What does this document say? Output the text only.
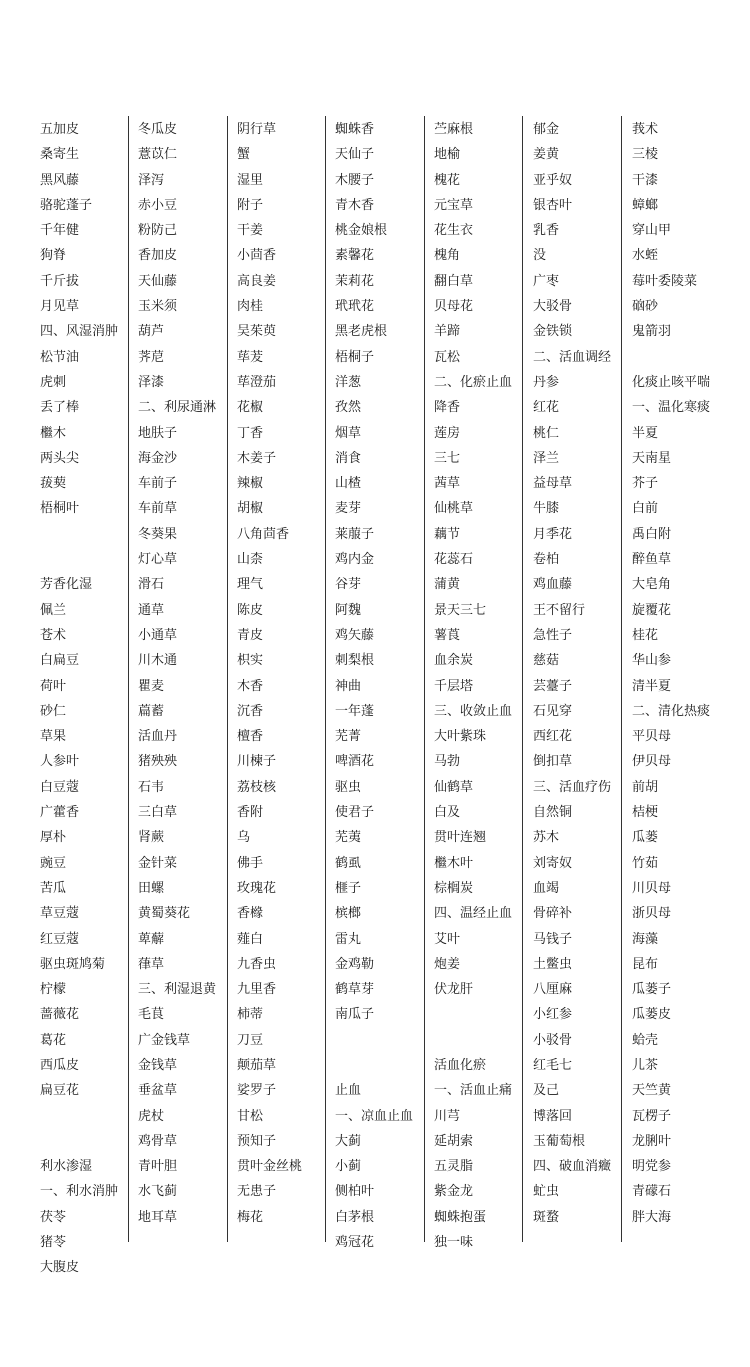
五加皮
桑寄生
黑风藤
骆驼蓬子
千年健
狗脊
千斤拔
月见草
四、风湿消肿
松节油
虎刺
丢了棒
檵木
两头尖
菝葜
梧桐叶
芳香化湿
佩兰
苍术
白扁豆
荷叶
砂仁
草果
人参叶
白豆蔻
广藿香
厚朴
豌豆
苦瓜
草豆蔻
红豆蔻
驱虫斑鸠菊
柠檬
蔷薇花
葛花
西瓜皮
扁豆花
利水渗湿
一、利水消肿
茯苓
猪苓
大腹皮
冬瓜皮
薏苡仁
泽泻
赤小豆
粉防己
香加皮
天仙藤
玉米须
葫芦
荠苨
泽漆
二、利尿通淋
地肤子
海金沙
车前子
车前草
冬葵果
灯心草
滑石
通草
小通草
川木通
瞿麦
萹蓄
活血丹
猪殃殃
石韦
三白草
肾蕨
金针菜
田螺
黄蜀葵花
萆薢
葎草
三、利湿退黄
毛茛
广金钱草
金钱草
垂盆草
虎杖
鸡骨草
青叶胆
水飞蓟
地耳草
阴行草
蟹
湿里
附子
干姜
小茴香
高良姜
肉桂
吴茱萸
荜茇
荜澄茄
花椒
丁香
木姜子
辣椒
胡椒
八角茴香
山柰
理气
陈皮
青皮
枳实
木香
沉香
檀香
川楝子
荔枝核
香附
乌
佛手
玫瑰花
香橼
薤白
九香虫
九里香
柿蒂
刀豆
颠茄草
娑罗子
甘松
预知子
贯叶金丝桃
无患子
梅花
蜘蛛香
天仙子
木腰子
青木香
桃金娘根
素馨花
茉莉花
玳玳花
黑老虎根
梧桐子
洋葱
孜然
烟草
消食
山楂
麦芽
莱菔子
鸡内金
谷芽
阿魏
鸡矢藤
刺梨根
神曲
一年蓬
芜菁
啤酒花
驱虫
使君子
芜荑
鹤虱
榧子
槟榔
雷丸
金鸡勒
鹤草芽
南瓜子
止血
一、凉血止血
大蓟
小蓟
侧柏叶
白茅根
鸡冠花
苎麻根
地榆
槐花
元宝草
花生衣
槐角
翻白草
贝母花
羊蹄
瓦松
二、化瘀止血
降香
莲房
三七
茜草
仙桃草
藕节
花蕊石
蒲黄
景天三七
薯莨
血余炭
千层塔
三、收敛止血
大叶紫珠
马勃
仙鹤草
白及
贯叶连翘
檵木叶
棕榈炭
四、温经止血
艾叶
炮姜
伏龙肝
活血化瘀
一、活血止痛
川芎
延胡索
五灵脂
紫金龙
蜘蛛抱蛋
独一味
郁金
姜黄
亚乎奴
银杏叶
乳香
没
广枣
大驳骨
金铁锁
二、活血调经
丹参
红花
桃仁
泽兰
益母草
牛膝
月季花
卷柏
鸡血藤
王不留行
急性子
慈菇
芸薹子
石见穿
西红花
倒扣草
三、活血疗伤
自然铜
苏木
刘寄奴
血竭
骨碎补
马钱子
土鳖虫
八厘麻
小红参
小驳骨
红毛七
及己
博落回
玉葡萄根
四、破血消癥
虻虫
斑蝥
莪术
三棱
干漆
蟑螂
穿山甲
水蛭
莓叶委陵菜
硇砂
鬼箭羽
化痰止咳平喘
一、温化寒痰
半夏
天南星
芥子
白前
禹白附
醉鱼草
大皂角
旋覆花
桂花
华山参
清半夏
二、清化热痰
平贝母
伊贝母
前胡
桔梗
瓜蒌
竹茹
川贝母
浙贝母
海藻
昆布
瓜蒌子
瓜蒌皮
蛤壳
儿茶
天竺黄
瓦楞子
龙脷叶
明党参
青礞石
胖大海
